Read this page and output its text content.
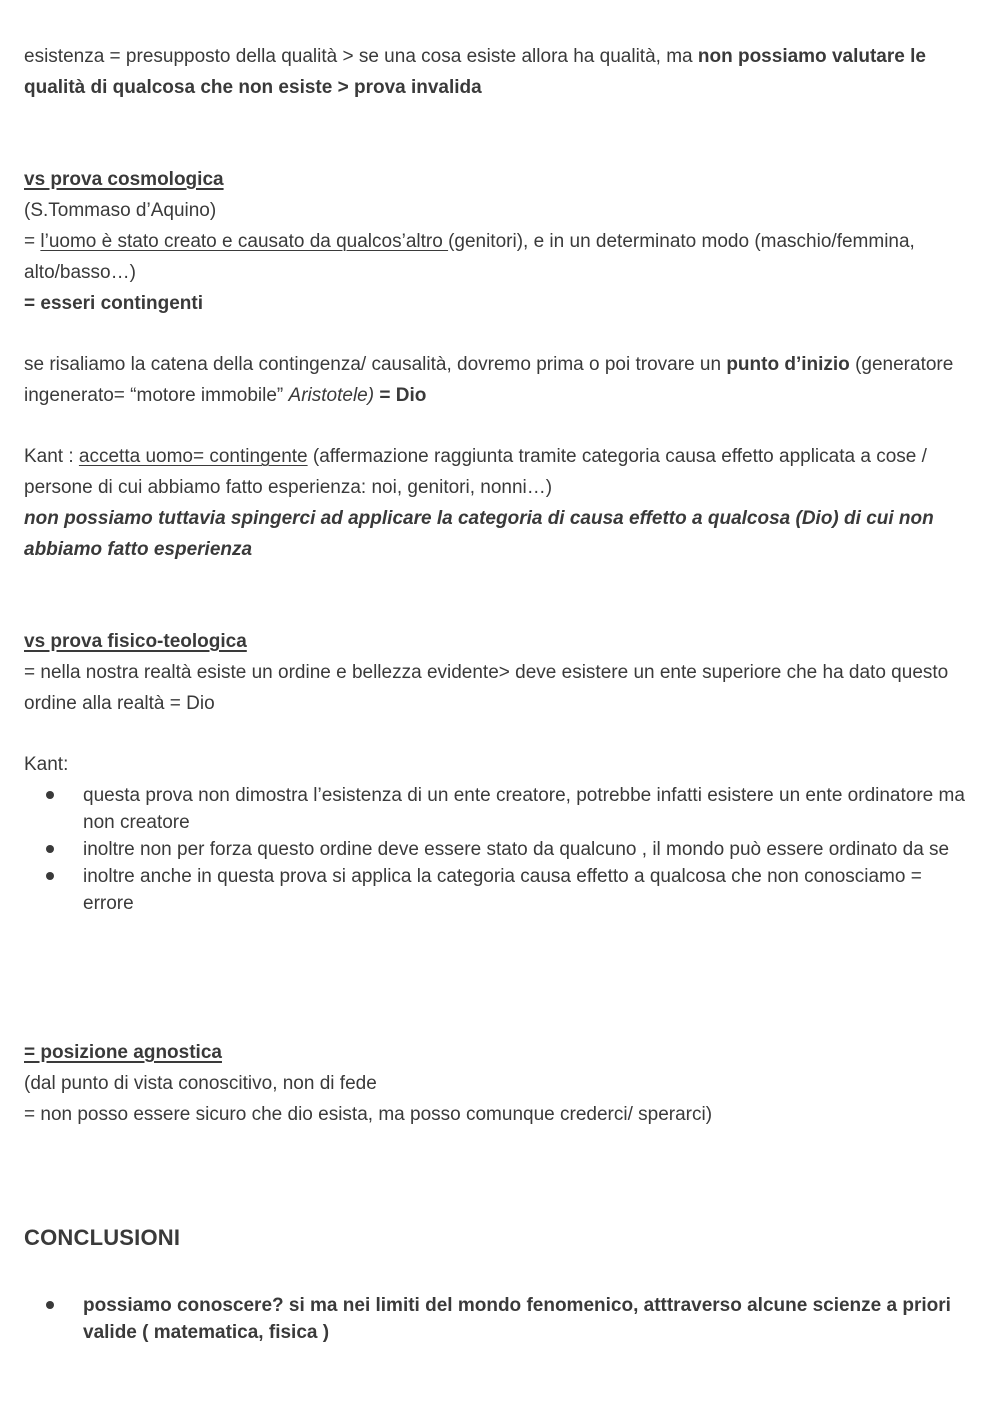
esistenza = presupposto della qualità > se una cosa esiste allora ha qualità, ma non possiamo valutare le qualità di qualcosa che non esiste > prova invalida

vs prova cosmologica

(S.Tommaso d’Aquino)

= l’uomo è stato creato e causato da qualcos’altro (genitori), e in un determinato modo (maschio/femmina, alto/basso…)

= esseri contingenti

se risaliamo la catena della contingenza/ causalità, dovremo prima o poi trovare un punto d’inizio (generatore ingenerato= “motore immobile” Aristotele) = Dio

Kant : accetta uomo= contingente (affermazione raggiunta tramite categoria causa effetto applicata a cose / persone di cui abbiamo fatto esperienza: noi, genitori, nonni…)

non possiamo tuttavia spingerci ad applicare la categoria di causa effetto a qualcosa (Dio) di cui non abbiamo fatto esperienza

vs prova fisico-teologica

= nella nostra realtà esiste un ordine e bellezza evidente> deve esistere un ente superiore che ha dato questo ordine alla realtà = Dio

Kant:

questa prova non dimostra l’esistenza di un ente creatore, potrebbe infatti esistere un ente ordinatore ma non creatore
inoltre non per forza questo ordine deve essere stato da qualcuno , il mondo può essere ordinato da se
inoltre anche in questa prova si applica la categoria causa effetto a qualcosa che non conosciamo = errore

= posizione agnostica

(dal punto di vista conoscitivo, non di fede

= non posso essere sicuro che dio esista, ma posso comunque crederci/ sperarci)

CONCLUSIONI

possiamo conoscere? si ma nei limiti del mondo fenomenico, atttraverso alcune scienze a priori valide ( matematica, fisica )
